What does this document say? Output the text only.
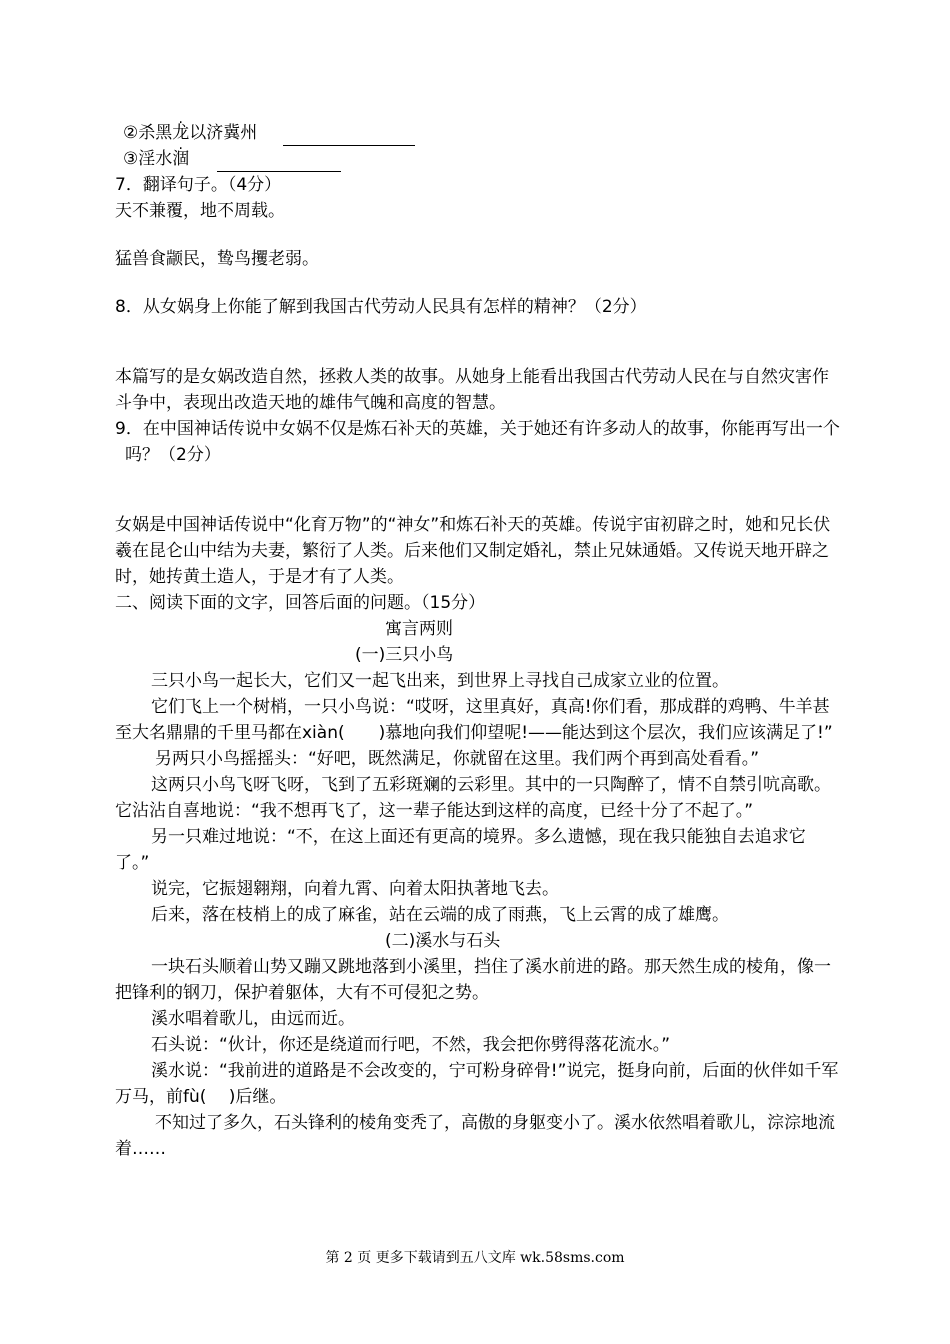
②杀黑龙以济冀州
③淫水涸 ·
7．翻译句子。（4分）
天不兼覆，地不周载。
猛兽食颛民，鸷鸟攫老弱。
8．从女娲身上你能了解到我国古代劳动人民具有怎样的精神？（2分）
本篇写的是女娲改造自然，拯救人类的故事。从她身上能看出我国古代劳动人民在与自然灾害作斗争中，表现出改造天地的雄伟气魄和高度的智慧。
9．在中国神话传说中女娲不仅是炼石补天的英雄，关于她还有许多动人的故事，你能再写出一个吗？（2分）
女娲是中国神话传说中“化育万物”的“神女”和炼石补天的英雄。传说宇宙初辟之时，她和兄长伏羲在昆仑山中结为夫妻，繁衍了人类。后来他们又制定婚礼，禁止兄妹通婚。又传说天地开辟之时，她抟黄土造人，于是才有了人类。
二、阅读下面的文字，回答后面的问题。（15分）
寓言两则
(一)三只小鸟
三只小鸟一起长大，它们又一起飞出来，到世界上寻找自己成家立业的位置。
它们飞上一个树梢，一只小鸟说：“哎呀，这里真好，真高!你们看，那成群的鸡鸭、牛羊甚至大名鼎鼎的千里马都在xiàn(　　)慕地向我们仰望呢!——能达到这个层次，我们应该满足了!”
另两只小鸟摇摇头：“好吧，既然满足，你就留在这里。我们两个再到高处看看。”
这两只小鸟飞呀飞呀，飞到了五彩斑斓的云彩里。其中的一只陶醉了，情不自禁引吭高歌。它沾沾自喜地说：“我不想再飞了，这一辈子能达到这样的高度，已经十分了不起了。”
另一只难过地说：“不，在这上面还有更高的境界。多么遗憾，现在我只能独自去追求它了。”
说完，它振翅翱翔，向着九霄、向着太阳执著地飞去。
后来，落在枝梢上的成了麻雀，站在云端的成了雨燕，飞上云霄的成了雄鹰。
(二)溪水与石头
一块石头顺着山势又蹦又跳地落到小溪里，挡住了溪水前进的路。那天然生成的棱角，像一把锋利的钢刀，保护着躯体，大有不可侵犯之势。
溪水唱着歌儿，由远而近。
石头说：“伙计，你还是绕道而行吧，不然，我会把你劈得落花流水。”
溪水说：“我前进的道路是不会改变的，宁可粉身碎骨!”说完，挺身向前，后面的伙伴如千军万马，前fù(　 )后继。
不知过了多久，石头锋利的棱角变秃了，高傲的身躯变小了。溪水依然唱着歌儿，淙淙地流着……
第 2 页 更多下载请到五八文库 wk.58sms.com
